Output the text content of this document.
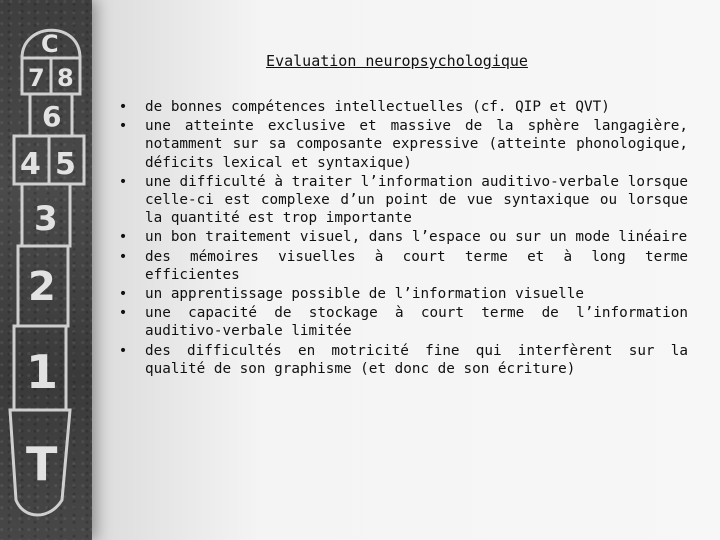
C
7 8
6
4 5
3
2
1
T
Evaluation neuropsychologique
• de bonnes compétences intellectuelles (cf. QIP et QVT)
• une atteinte exclusive et massive de la sphère langagière, notamment sur sa composante expressive (atteinte phonologique, déficits lexical et syntaxique)
• une difficulté à traiter l’information auditivo-verbale lorsque celle-ci est complexe d’un point de vue syntaxique ou lorsque la quantité est trop importante
• un bon traitement visuel, dans l’espace ou sur un mode linéaire
• des mémoires visuelles à court terme et à long terme efficientes
• un apprentissage possible de l’information visuelle
• une capacité de stockage à court terme de l’information auditivo-verbale limitée
• des difficultés en motricité fine qui interfèrent sur la qualité de son graphisme (et donc de son écriture)
